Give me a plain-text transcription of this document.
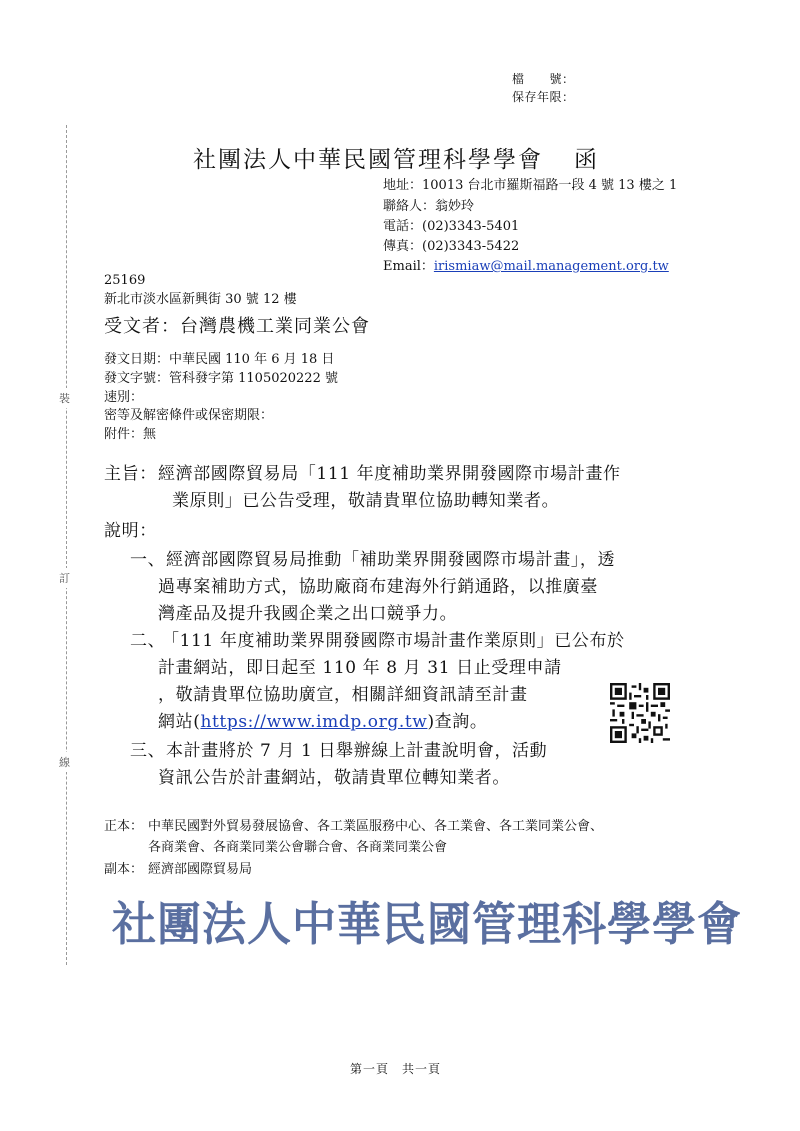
檔　　號：
保存年限：
裝
訂
線
社團法人中華民國管理科學學會 函
地址：10013 台北市羅斯福路一段 4 號 13 樓之 1
聯絡人：翁妙玲
電話：(02)3343-5401
傳真：(02)3343-5422
Email：irismiaw@mail.management.org.tw
25169
新北市淡水區新興街 30 號 12 樓
受文者：台灣農機工業同業公會
發文日期：中華民國 110 年 6 月 18 日
發文字號：管科發字第 1105020222 號
速別：
密等及解密條件或保密期限：
附件：無
主旨： 經濟部國際貿易局「111 年度補助業界開發國際市場計畫作
業原則」已公告受理，敬請貴單位協助轉知業者。
說明：
一、 經濟部國際貿易局推動「補助業界開發國際市場計畫」，透
過專案補助方式，協助廠商布建海外行銷通路，以推廣臺
灣產品及提升我國企業之出口競爭力。
二、
「111 年度補助業界開發國際市場計畫作業原則」已公布於
計畫網站，即日起至 110 年 8 月 31 日止受理申請
，敬請貴單位協助廣宣，相關詳細資訊請至計畫
網站(https://www.imdp.org.tw)查詢。
三、 本計畫將於 7 月 1 日舉辦線上計畫說明會，活動
資訊公告於計畫網站，敬請貴單位轉知業者。
正本： 中華民國對外貿易發展協會、各工業區服務中心、各工業會、各工業同業公會、
各商業會、各商業同業公會聯合會、各商業同業公會
副本： 經濟部國際貿易局
社團法人中華民國管理科學學會
第一頁　共一頁
